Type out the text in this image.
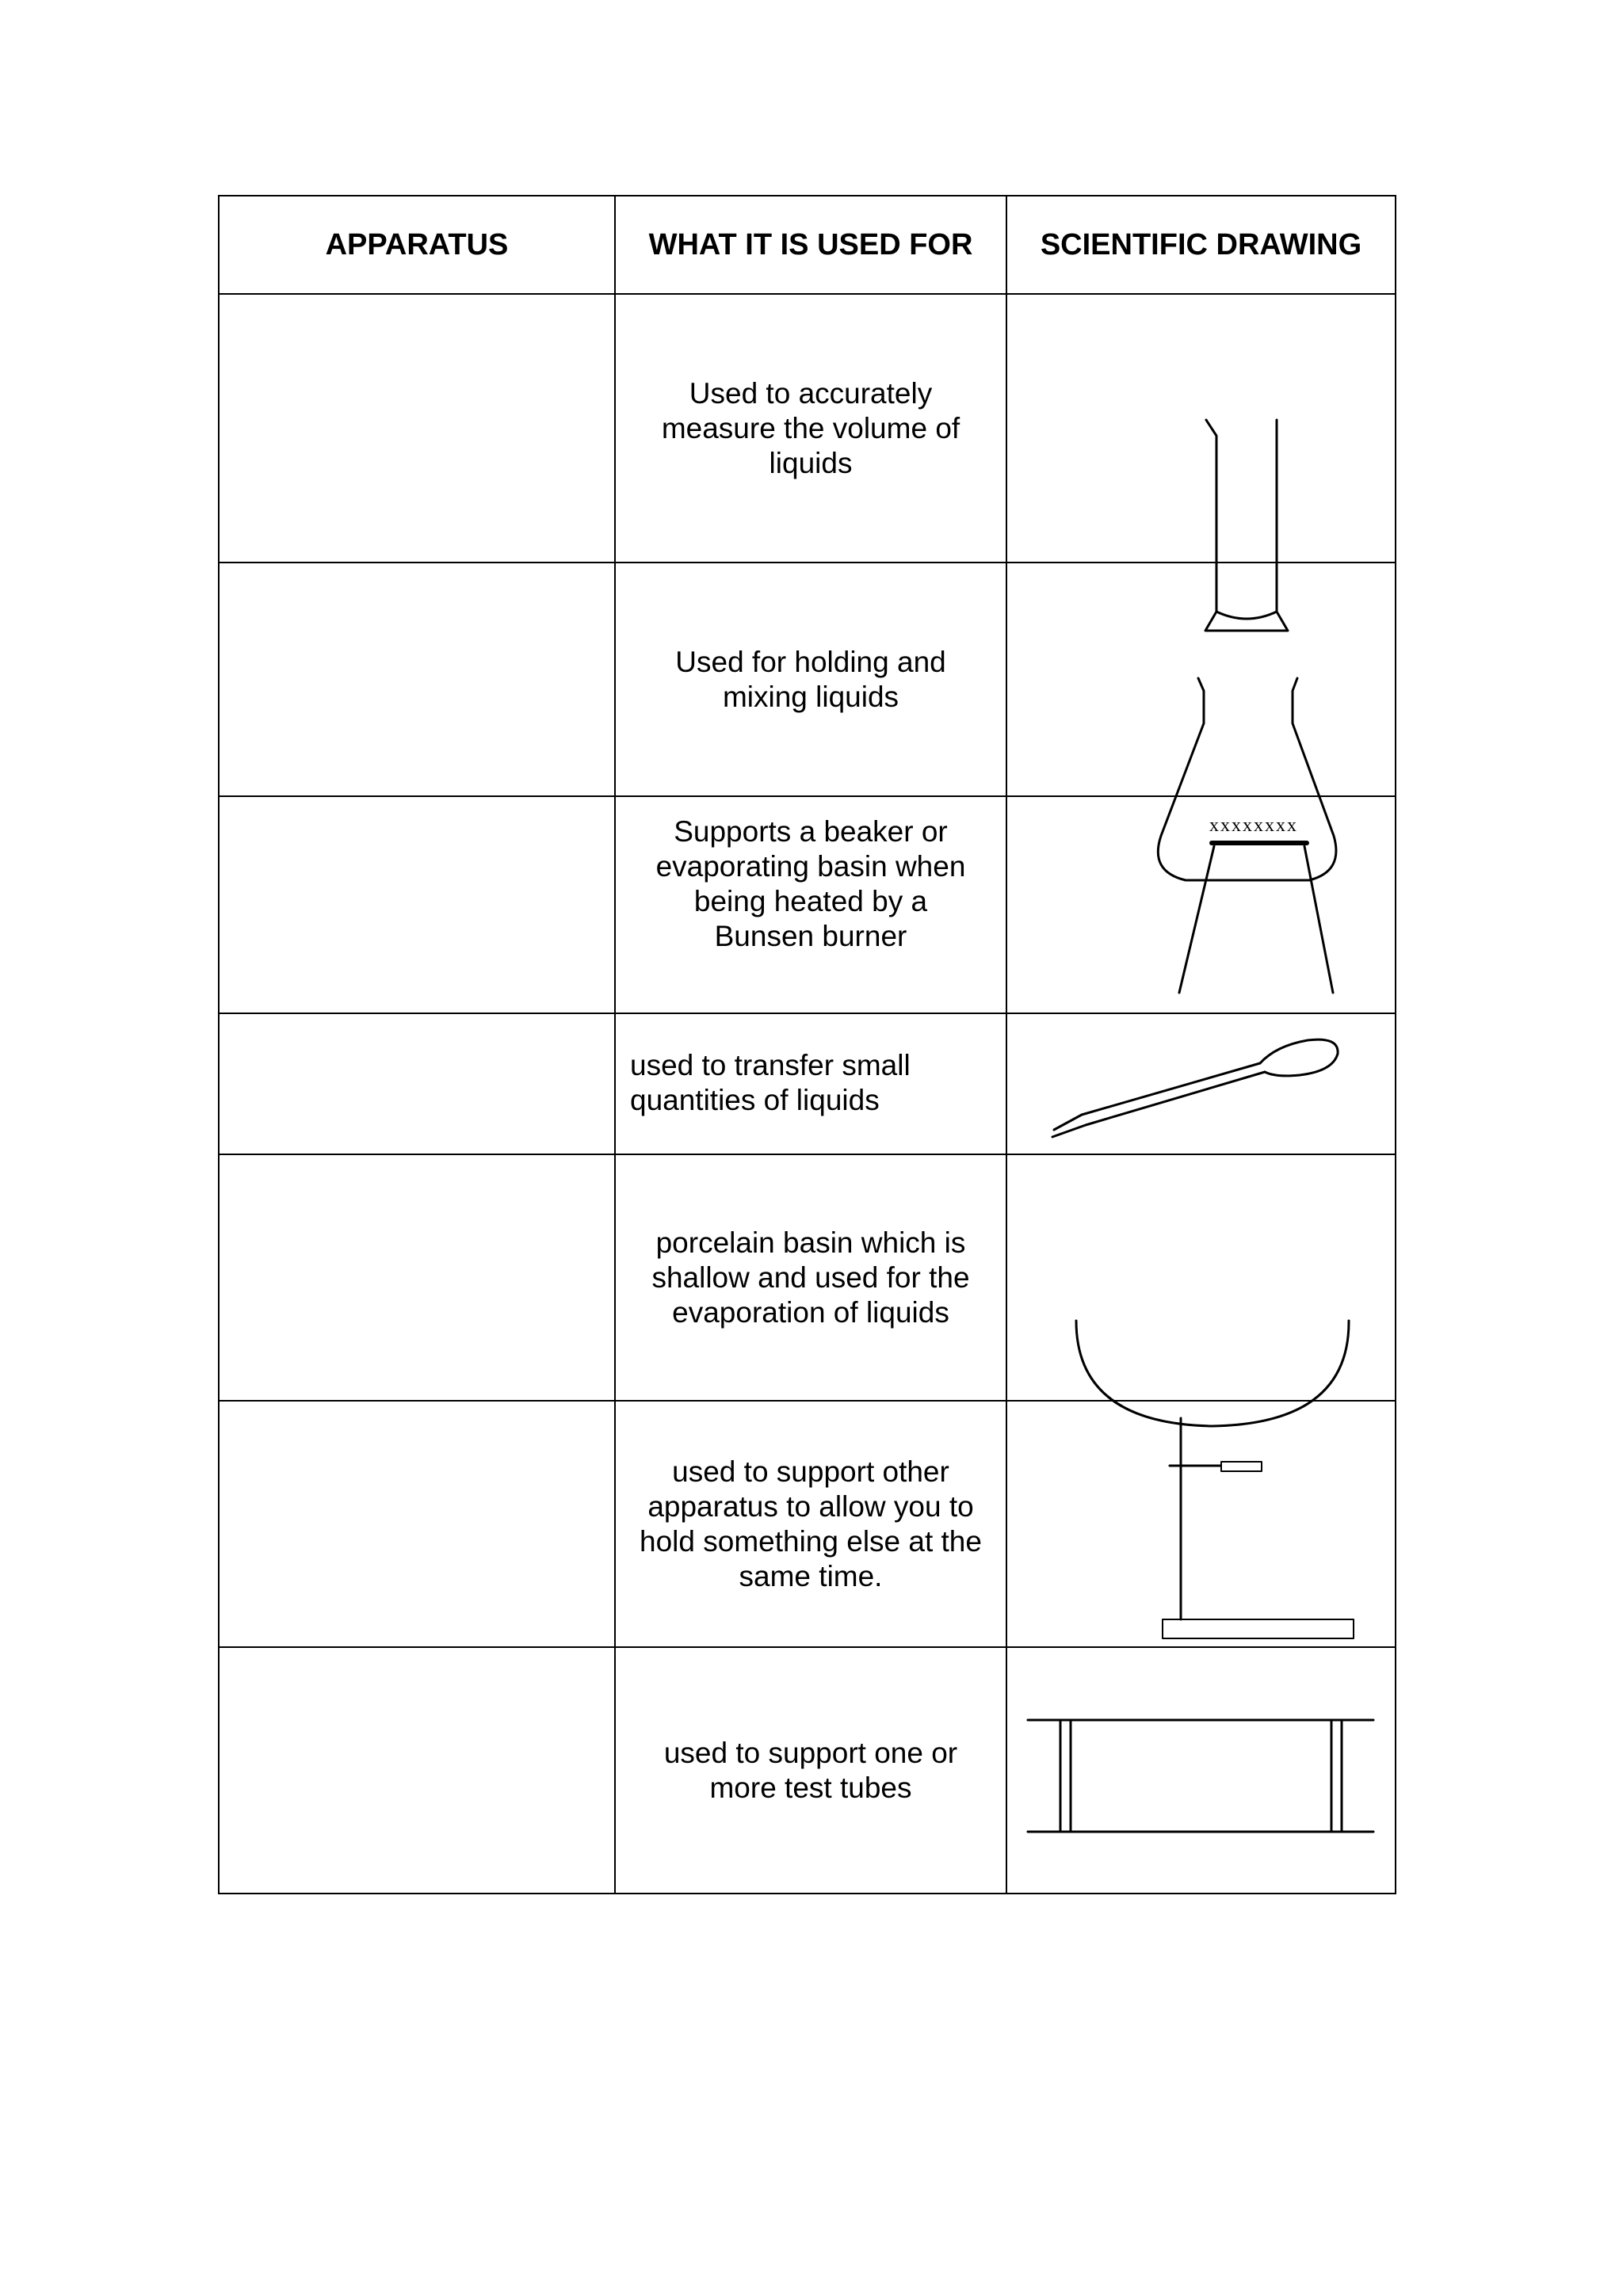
APPARATUS	WHAT IT IS USED FOR	SCIENTIFIC DRAWING
Used to accurately
measure the volume of
liquids
Used for holding and
mixing liquids
Supports a beaker or
evaporating basin when
being heated by a
Bunsen burner
used to transfer small
quantities of liquids
porcelain basin which is
shallow and used for the
evaporation of liquids
used to support other
apparatus to allow you to
hold something else at the
same time.
used to support one or
more test tubes
xxxxxxxx
